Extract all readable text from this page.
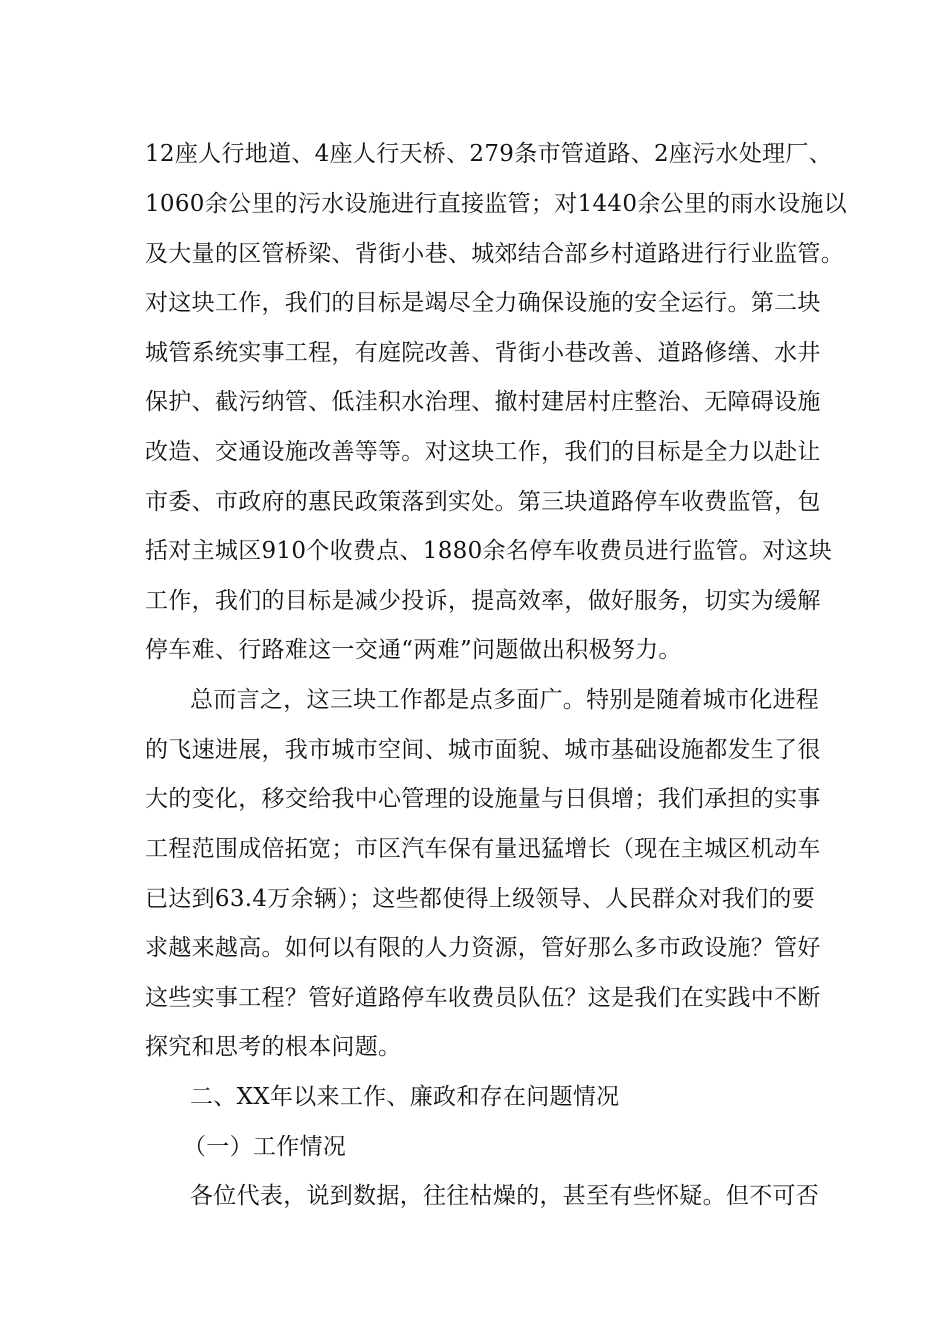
12座人行地道、4座人行天桥、279条市管道路、2座污水处理厂、
1060余公里的污水设施进行直接监管；对1440余公里的雨水设施以
及大量的区管桥梁、背街小巷、城郊结合部乡村道路进行行业监管。
对这块工作，我们的目标是竭尽全力确保设施的安全运行。第二块
城管系统实事工程，有庭院改善、背街小巷改善、道路修缮、水井
保护、截污纳管、低洼积水治理、撤村建居村庄整治、无障碍设施
改造、交通设施改善等等。对这块工作，我们的目标是全力以赴让
市委、市政府的惠民政策落到实处。第三块道路停车收费监管，包
括对主城区910个收费点、1880余名停车收费员进行监管。对这块
工作，我们的目标是减少投诉，提高效率，做好服务，切实为缓解
停车难、行路难这一交通“两难”问题做出积极努力。
总而言之，这三块工作都是点多面广。特别是随着城市化进程
的飞速进展，我市城市空间、城市面貌、城市基础设施都发生了很
大的变化，移交给我中心管理的设施量与日俱增；我们承担的实事
工程范围成倍拓宽；市区汽车保有量迅猛增长（现在主城区机动车
已达到63.4万余辆）；这些都使得上级领导、人民群众对我们的要
求越来越高。如何以有限的人力资源，管好那么多市政设施？管好
这些实事工程？管好道路停车收费员队伍？这是我们在实践中不断
探究和思考的根本问题。
二、XX年以来工作、廉政和存在问题情况
（一）工作情况
各位代表，说到数据，往往枯燥的，甚至有些怀疑。但不可否
